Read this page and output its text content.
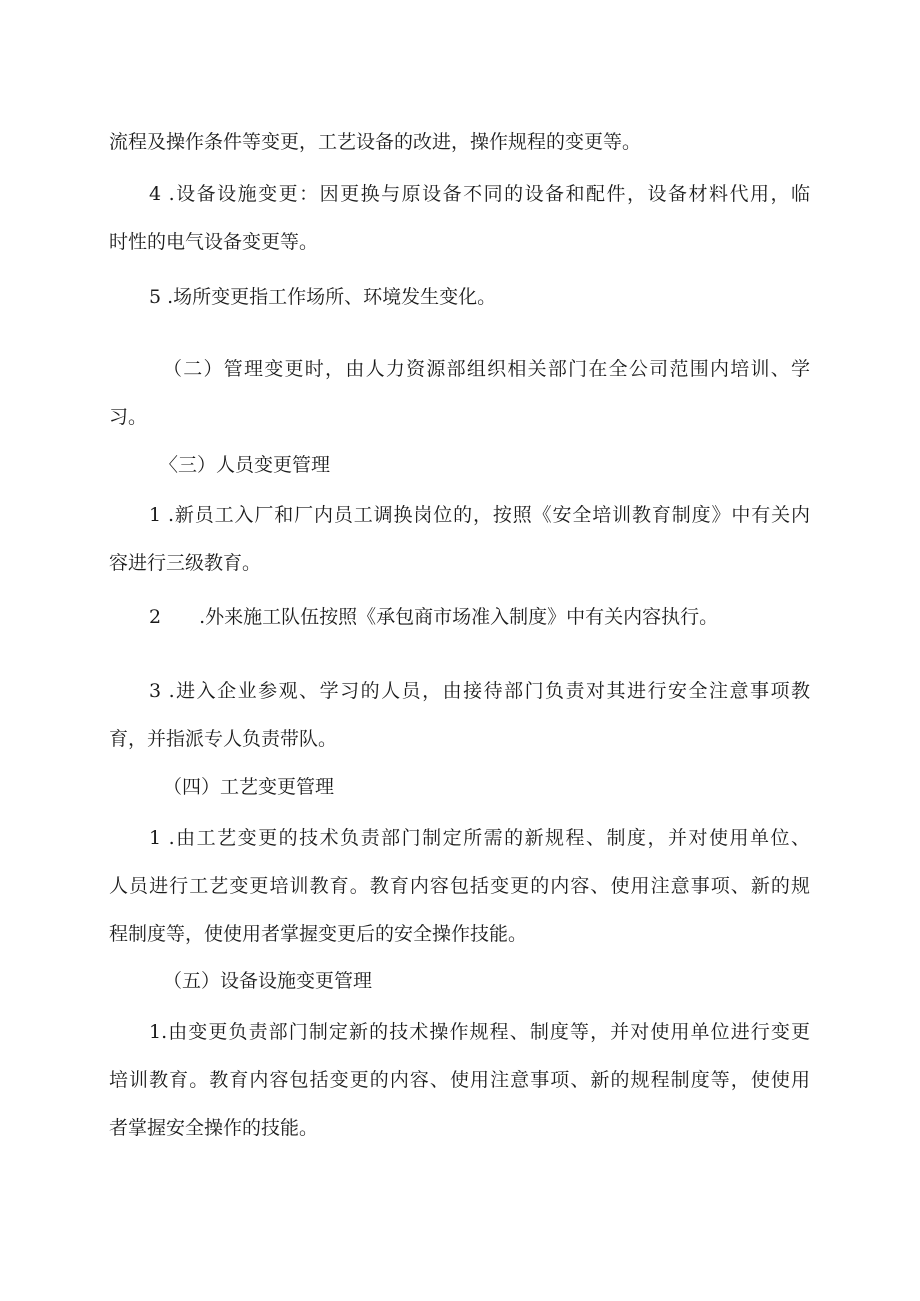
流程及操作条件等变更，工艺设备的改进，操作规程的变更等。

4 .设备设施变更：因更换与原设备不同的设备和配件，设备材料代用，临

时性的电气设备变更等。

5 .场所变更指工作场所、环境发生变化。

（二）管理变更时，由人力资源部组织相关部门在全公司范围内培训、学

习。

〈三）人员变更管理

1 .新员工入厂和厂内员工调换岗位的，按照《安全培训教育制度》中有关内

容进行三级教育。

2　　.外来施工队伍按照《承包商市场准入制度》中有关内容执行。

3 .进入企业参观、学习的人员，由接待部门负责对其进行安全注意事项教

育，并指派专人负责带队。

（四）工艺变更管理

1 .由工艺变更的技术负责部门制定所需的新规程、制度，并对使用单位、

人员进行工艺变更培训教育。教育内容包括变更的内容、使用注意事项、新的规

程制度等，使使用者掌握变更后的安全操作技能。

（五）设备设施变更管理

1.由变更负责部门制定新的技术操作规程、制度等，并对使用单位进行变更

培训教育。教育内容包括变更的内容、使用注意事项、新的规程制度等，使使用

者掌握安全操作的技能。
